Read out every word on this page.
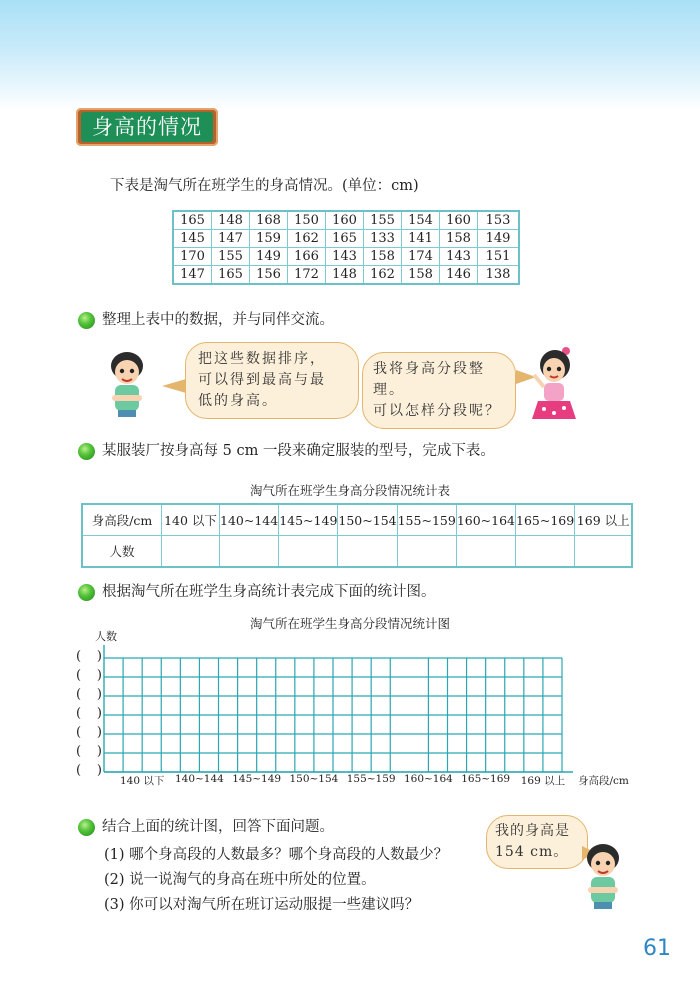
身高的情况
下表是淘气所在班学生的身高情况。(单位：cm)
165	148	168	150	160	155	154	160	153
145	147	159	162	165	133	141	158	149
170	155	149	166	143	158	174	143	151
147	165	156	172	148	162	158	146	138
整理上表中的数据，并与同伴交流。
把这些数据排序，
可以得到最高与最
低的身高。
我将身高分段整理。
可以怎样分段呢？
某服装厂按身高每 5 cm 一段来确定服装的型号，完成下表。
淘气所在班学生身高分段情况统计表
身高段/cm	140 以下	140~144	145~149	150~154	155~159	160~164	165~169	169 以上
人数								
根据淘气所在班学生身高统计表完成下面的统计图。
淘气所在班学生身高分段情况统计图
人数
( )
( )
( )
( )
( )
( )
( )
140 以下 140~144 145~149 150~154 155~159 160~164 165~169 169 以上 身高段/cm
结合上面的统计图，回答下面问题。
(1) 哪个身高段的人数最多？哪个身高段的人数最少？
(2) 说一说淘气的身高在班中所处的位置。
(3) 你可以对淘气所在班订运动服提一些建议吗？
我的身高是
154 cm。
61
